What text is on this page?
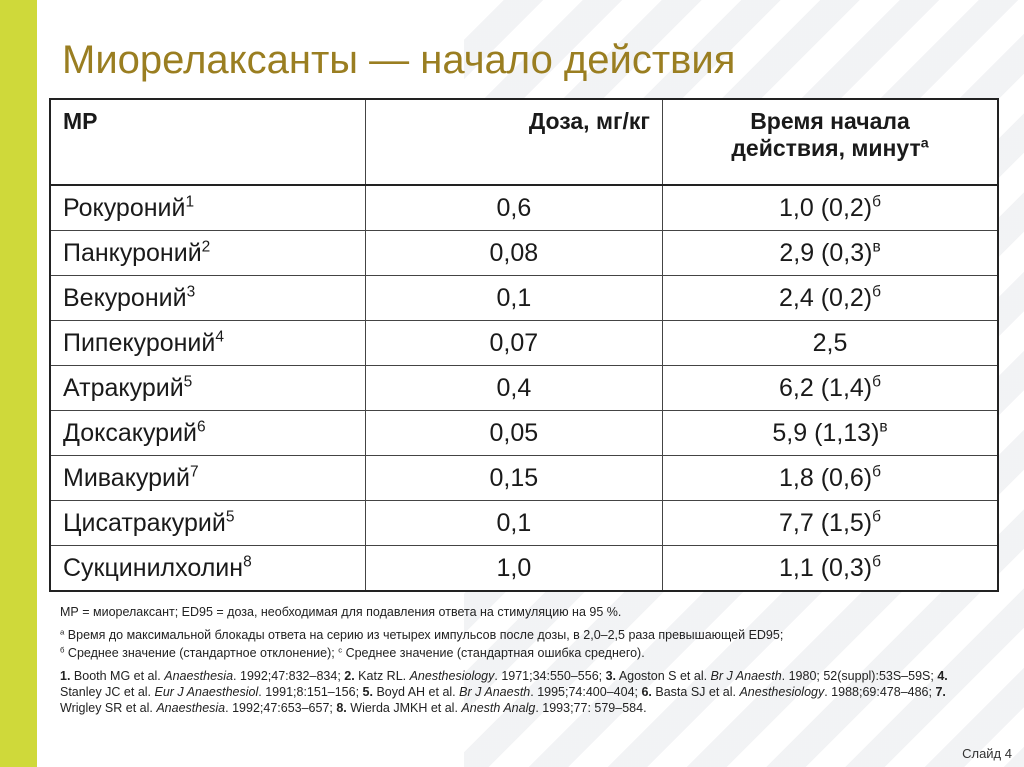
Миорелаксанты — начало действия
МР	Доза, мг/кг	Время начала
действия, минут$^а$
Рокуроний$^1$	0,6	1,0 $(0,2)^б$
Панкуроний$^2$	0,08	2,9 $(0,3)^в$
Векуроний$^3$	0,1	2,4 $(0,2)^б$
Пипекуроний$^4$	0,07	2,5
Атракурий$^5$	0,4	6,2 $(1,4)^б$
Доксакурий$^6$	0,05	5,9 $(1,13)^в$
Мивакурий$^7$	0,15	1,8 $(0,6)^б$
Цисатракурий$^5$	0,1	7,7 $(1,5)^б$
Сукцинилхолин$^8$	1,0	1,1 $(0,3)^б$

МР = миорелаксант; ED95 = доза, необходимая для подавления ответа на стимуляцию на 95 %.

$^а$ Время до максимальной блокады ответа на серию из четырех импульсов после дозы, в 2,0–2,5 раза превышающей ED95;

$^б$ Среднее значение (стандартное отклонение); $^с$ Среднее значение (стандартная ошибка среднего).

1. Booth MG et al. Anaesthesia. 1992;47:832–834; 2. Katz RL. Anesthesiology. 1971;34:550–556; 3. Agoston S et al. Br J Anaesth. 1980; 52(suppl):53S–59S; 4. Stanley JC et al. Eur J Anaesthesiol. 1991;8:151–156; 5. Boyd AH et al. Br J Anaesth. 1995;74:400–404; 6. Basta SJ et al. Anesthesiology. 1988;69:478–486; 7. Wrigley SR et al. Anaesthesia. 1992;47:653–657; 8. Wierda JMKH et al. Anesth Analg. 1993;77: 579–584.

Слайд 4
